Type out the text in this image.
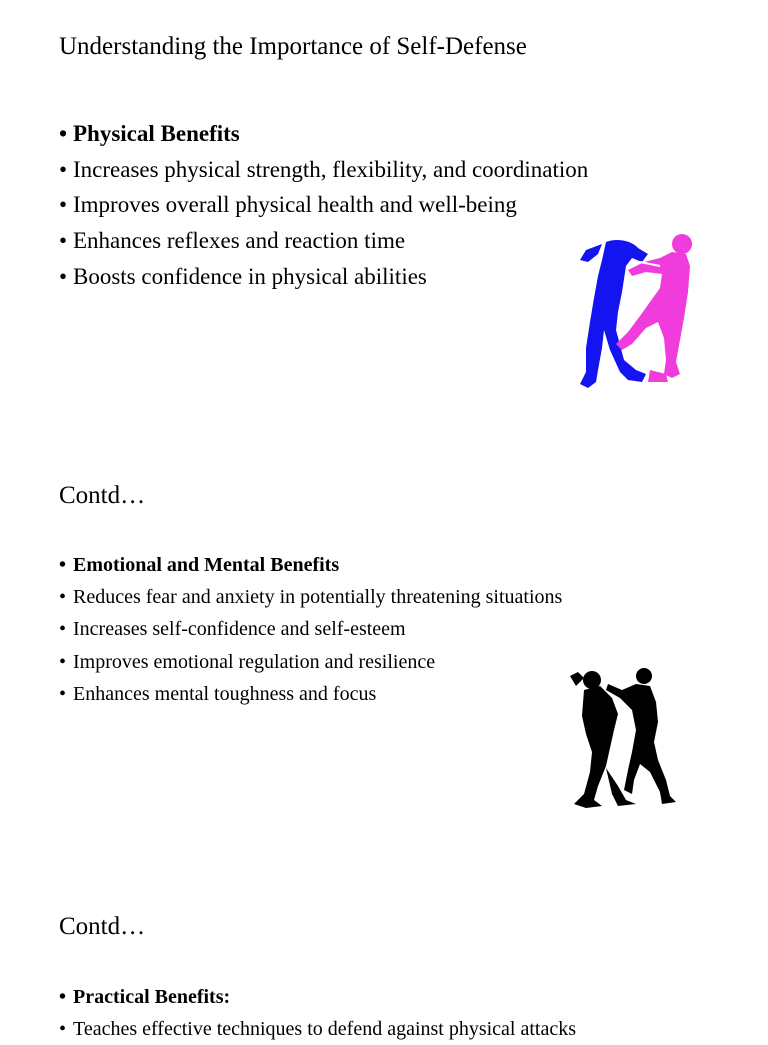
Understanding the Importance of Self-Defense
• Physical Benefits
• Increases physical strength, flexibility, and coordination
• Improves overall physical health and well-being
• Enhances reflexes and reaction time
• Boosts confidence in physical abilities
Contd…
• Emotional and Mental Benefits
• Reduces fear and anxiety in potentially threatening situations
• Increases self-confidence and self-esteem
• Improves emotional regulation and resilience
• Enhances mental toughness and focus
Contd…
• Practical Benefits:
• Teaches effective techniques to defend against physical attacks
